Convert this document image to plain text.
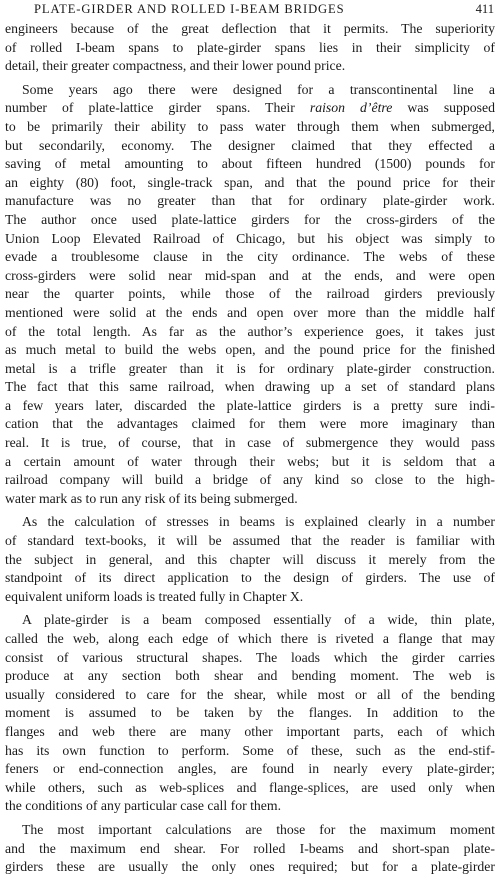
PLATE-GIRDER AND ROLLED I-BEAM BRIDGES	411

engineers because of the great deflection that it permits. The superiority
of rolled I-beam spans to plate-girder spans lies in their simplicity of
detail, their greater compactness, and their lower pound price.

Some years ago there were designed for a transcontinental line a
number of plate-lattice girder spans. Their raison d’être was supposed
to be primarily their ability to pass water through them when submerged,
but secondarily, economy. The designer claimed that they effected a
saving of metal amounting to about fifteen hundred (1500) pounds for
an eighty (80) foot, single-track span, and that the pound price for their
manufacture was no greater than that for ordinary plate-girder work.
The author once used plate-lattice girders for the cross-girders of the
Union Loop Elevated Railroad of Chicago, but his object was simply to
evade a troublesome clause in the city ordinance. The webs of these
cross-girders were solid near mid-span and at the ends, and were open
near the quarter points, while those of the railroad girders previously
mentioned were solid at the ends and open over more than the middle half
of the total length. As far as the author’s experience goes, it takes just
as much metal to build the webs open, and the pound price for the finished
metal is a trifle greater than it is for ordinary plate-girder construction.
The fact that this same railroad, when drawing up a set of standard plans
a few years later, discarded the plate-lattice girders is a pretty sure indi-
cation that the advantages claimed for them were more imaginary than
real. It is true, of course, that in case of submergence they would pass
a certain amount of water through their webs; but it is seldom that a
railroad company will build a bridge of any kind so close to the high-
water mark as to run any risk of its being submerged.

As the calculation of stresses in beams is explained clearly in a number
of standard text-books, it will be assumed that the reader is familiar with
the subject in general, and this chapter will discuss it merely from the
standpoint of its direct application to the design of girders. The use of
equivalent uniform loads is treated fully in Chapter X.

A plate-girder is a beam composed essentially of a wide, thin plate,
called the web, along each edge of which there is riveted a flange that may
consist of various structural shapes. The loads which the girder carries
produce at any section both shear and bending moment. The web is
usually considered to care for the shear, while most or all of the bending
moment is assumed to be taken by the flanges. In addition to the
flanges and web there are many other important parts, each of which
has its own function to perform. Some of these, such as the end-stif-
feners or end-connection angles, are found in nearly every plate-girder;
while others, such as web-splices and flange-splices, are used only when
the conditions of any particular case call for them.

The most important calculations are those for the maximum moment
and the maximum end shear. For rolled I-beams and short-span plate-
girders these are usually the only ones required; but for a plate-girder
